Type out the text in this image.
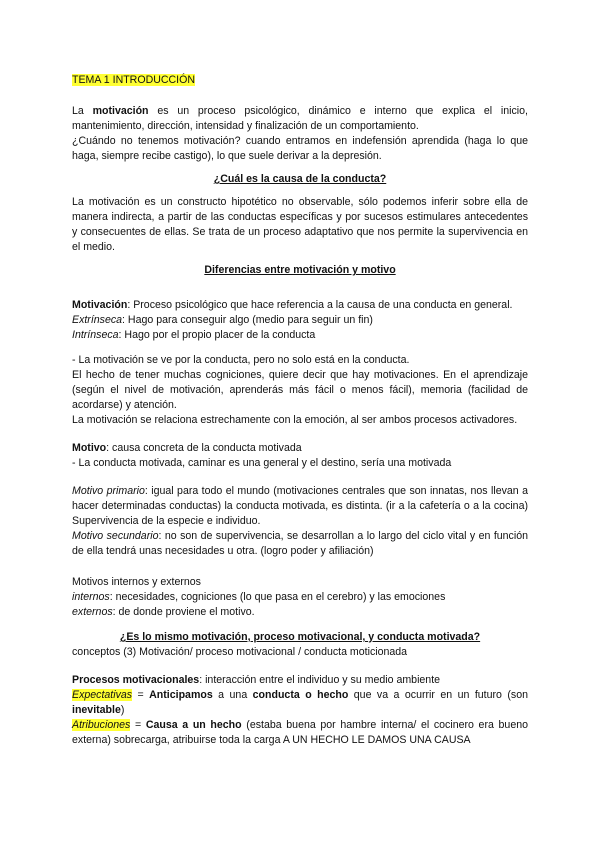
TEMA 1 INTRODUCCIÓN

La motivación es un proceso psicológico, dinámico e interno que explica el inicio, mantenimiento, dirección, intensidad y finalización de un comportamiento.

¿Cuándo no tenemos motivación? cuando entramos en indefensión aprendida (haga lo que haga, siempre recibe castigo), lo que suele derivar a la depresión.

¿Cuál es la causa de la conducta?

La motivación es un constructo hipotético no observable, sólo podemos inferir sobre ella de manera indirecta, a partir de las conductas específicas y por sucesos estimulares antecedentes y consecuentes de ellas. Se trata de un proceso adaptativo que nos permite la supervivencia en el medio.

Diferencias entre motivación y motivo

Motivación: Proceso psicológico que hace referencia a la causa de una conducta en general.

Extrínseca: Hago para conseguir algo (medio para seguir un fin)

Intrínseca: Hago por el propio placer de la conducta

- La motivación se ve por la conducta, pero no solo está en la conducta.

El hecho de tener muchas cogniciones, quiere decir que hay motivaciones. En el aprendizaje (según el nivel de motivación, aprenderás más fácil o menos fácil), memoria (facilidad de acordarse) y atención.

La motivación se relaciona estrechamente con la emoción, al ser ambos procesos activadores.

Motivo: causa concreta de la conducta motivada

- La conducta motivada, caminar es una general y el destino, sería una motivada

Motivo primario: igual para todo el mundo (motivaciones centrales que son innatas, nos llevan a hacer determinadas conductas) la conducta motivada, es distinta. (ir a la cafetería o a la cocina) Supervivencia de la especie e individuo.

Motivo secundario: no son de supervivencia, se desarrollan a lo largo del ciclo vital y en función de ella tendrá unas necesidades u otra. (logro poder y afiliación)

Motivos internos y externos

internos: necesidades, cogniciones (lo que pasa en el cerebro) y las emociones

externos: de donde proviene el motivo.

¿Es lo mismo motivación, proceso motivacional, y conducta motivada?

conceptos (3) Motivación/ proceso motivacional / conducta moticionada

Procesos motivacionales: interacción entre el individuo y su medio ambiente

Expectativas = Anticipamos a una conducta o hecho que va a ocurrir en un futuro (son inevitable)

Atribuciones = Causa a un hecho (estaba buena por hambre interna/ el cocinero era bueno externa) sobrecarga, atribuirse toda la carga A UN HECHO LE DAMOS UNA CAUSA
